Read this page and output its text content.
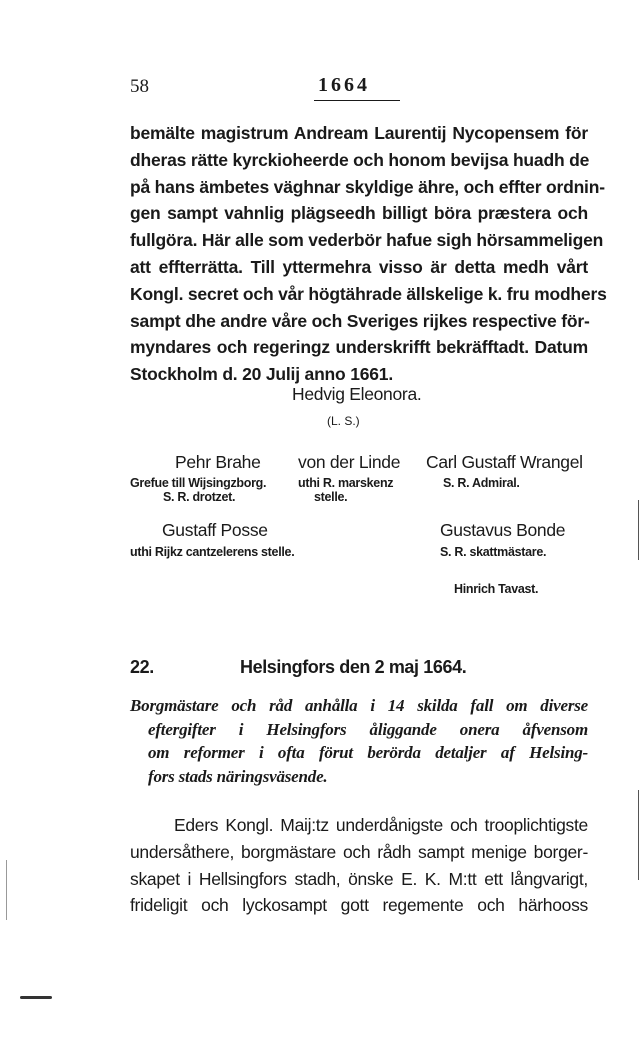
58	1664
bemälte magistrum Andream Laurentij Nycopensem för
dheras rätte kyrckioheerde och honom bevijsa huadh de
på hans ämbetes väghnar skyldige ähre, och effter ordnin-
gen sampt vahnlig plägseedh billigt böra præstera och
fullgöra. Här alle som vederbör hafue sigh hörsammeligen
att effterrätta. Till yttermehra visso är detta medh vårt
Kongl. secret och vår högtährade ällskelige k. fru modhers
sampt dhe andre våre och Sveriges rijkes respective för-
myndares och regeringz underskrifft bekräfftadt. Datum
Stockholm d. 20 Julij anno 1661.
Hedvig Eleonora.
(L. S.)
Pehr Brahe
Grefue till Wijsingzborg.
S. R. drotzet.
von der Linde
uthi R. marskenz
stelle.
Carl Gustaff Wrangel
S. R. Admiral.
Gustaff Posse
uthi Rijkz cantzelerens stelle.
Gustavus Bonde
S. R. skattmästare.
Hinrich Tavast.
22.	Helsingfors den 2 maj 1664.
Borgmästare och råd anhålla i 14 skilda fall om diverse
eftergifter i Helsingfors åliggande onera åfvensom
om reformer i ofta förut berörda detaljer af Helsing-
fors stads näringsväsende.
Eders Kongl. Maij:tz underdånigste och trooplichtigste
undersåthere, borgmästare och rådh sampt menige borger-
skapet i Hellsingfors stadh, önske E. K. M:tt ett långvarigt,
frideligit och lyckosampt gott regemente och härhooss
